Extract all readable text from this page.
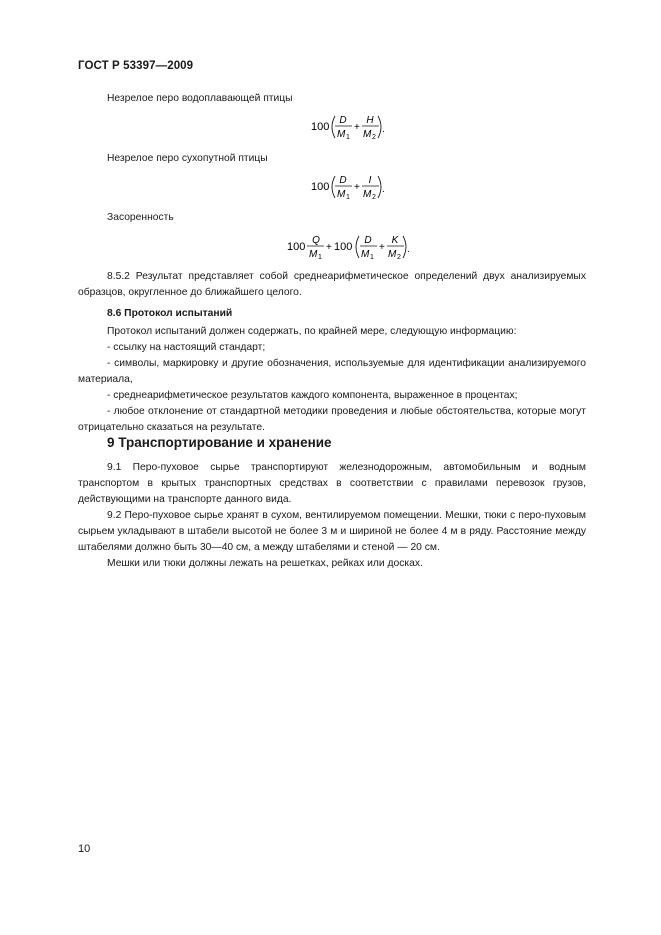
ГОСТ Р 53397—2009
Незрелое перо водоплавающей птицы
100
D
M 1
+
H
M 2
.
Незрелое перо сухопутной птицы
100
D
M 1
+
I
M 2
.
Засоренность
100
Q
M 1
+ 100
D
M 1
+
K
M 2
.
8.5.2 Результат представляет собой среднеарифметическое определений двух анализируемых образцов, округленное до ближайшего целого.
8.6 Протокол испытаний
Протокол испытаний должен содержать, по крайней мере, следующую информацию:
- ссылку на настоящий стандарт;
- символы, маркировку и другие обозначения, используемые для идентификации анализируемого материала,
- среднеарифметическое результатов каждого компонента, выраженное в процентах;
- любое отклонение от стандартной методики проведения и любые обстоятельства, которые могут отрицательно сказаться на результате.
9 Транспортирование и хранение
9.1 Перо-пуховое сырье транспортируют железнодорожным, автомобильным и водным транспортом в крытых транспортных средствах в соответствии с правилами перевозок грузов, действующими на транспорте данного вида.
9.2 Перо-пуховое сырье хранят в сухом, вентилируемом помещении. Мешки, тюки с перо-пуховым сырьем укладывают в штабели высотой не более 3 м и шириной не более 4 м в ряду. Расстояние между штабелями должно быть 30—40 см, а между штабелями и стеной — 20 см.
Мешки или тюки должны лежать на решетках, рейках или досках.
10
